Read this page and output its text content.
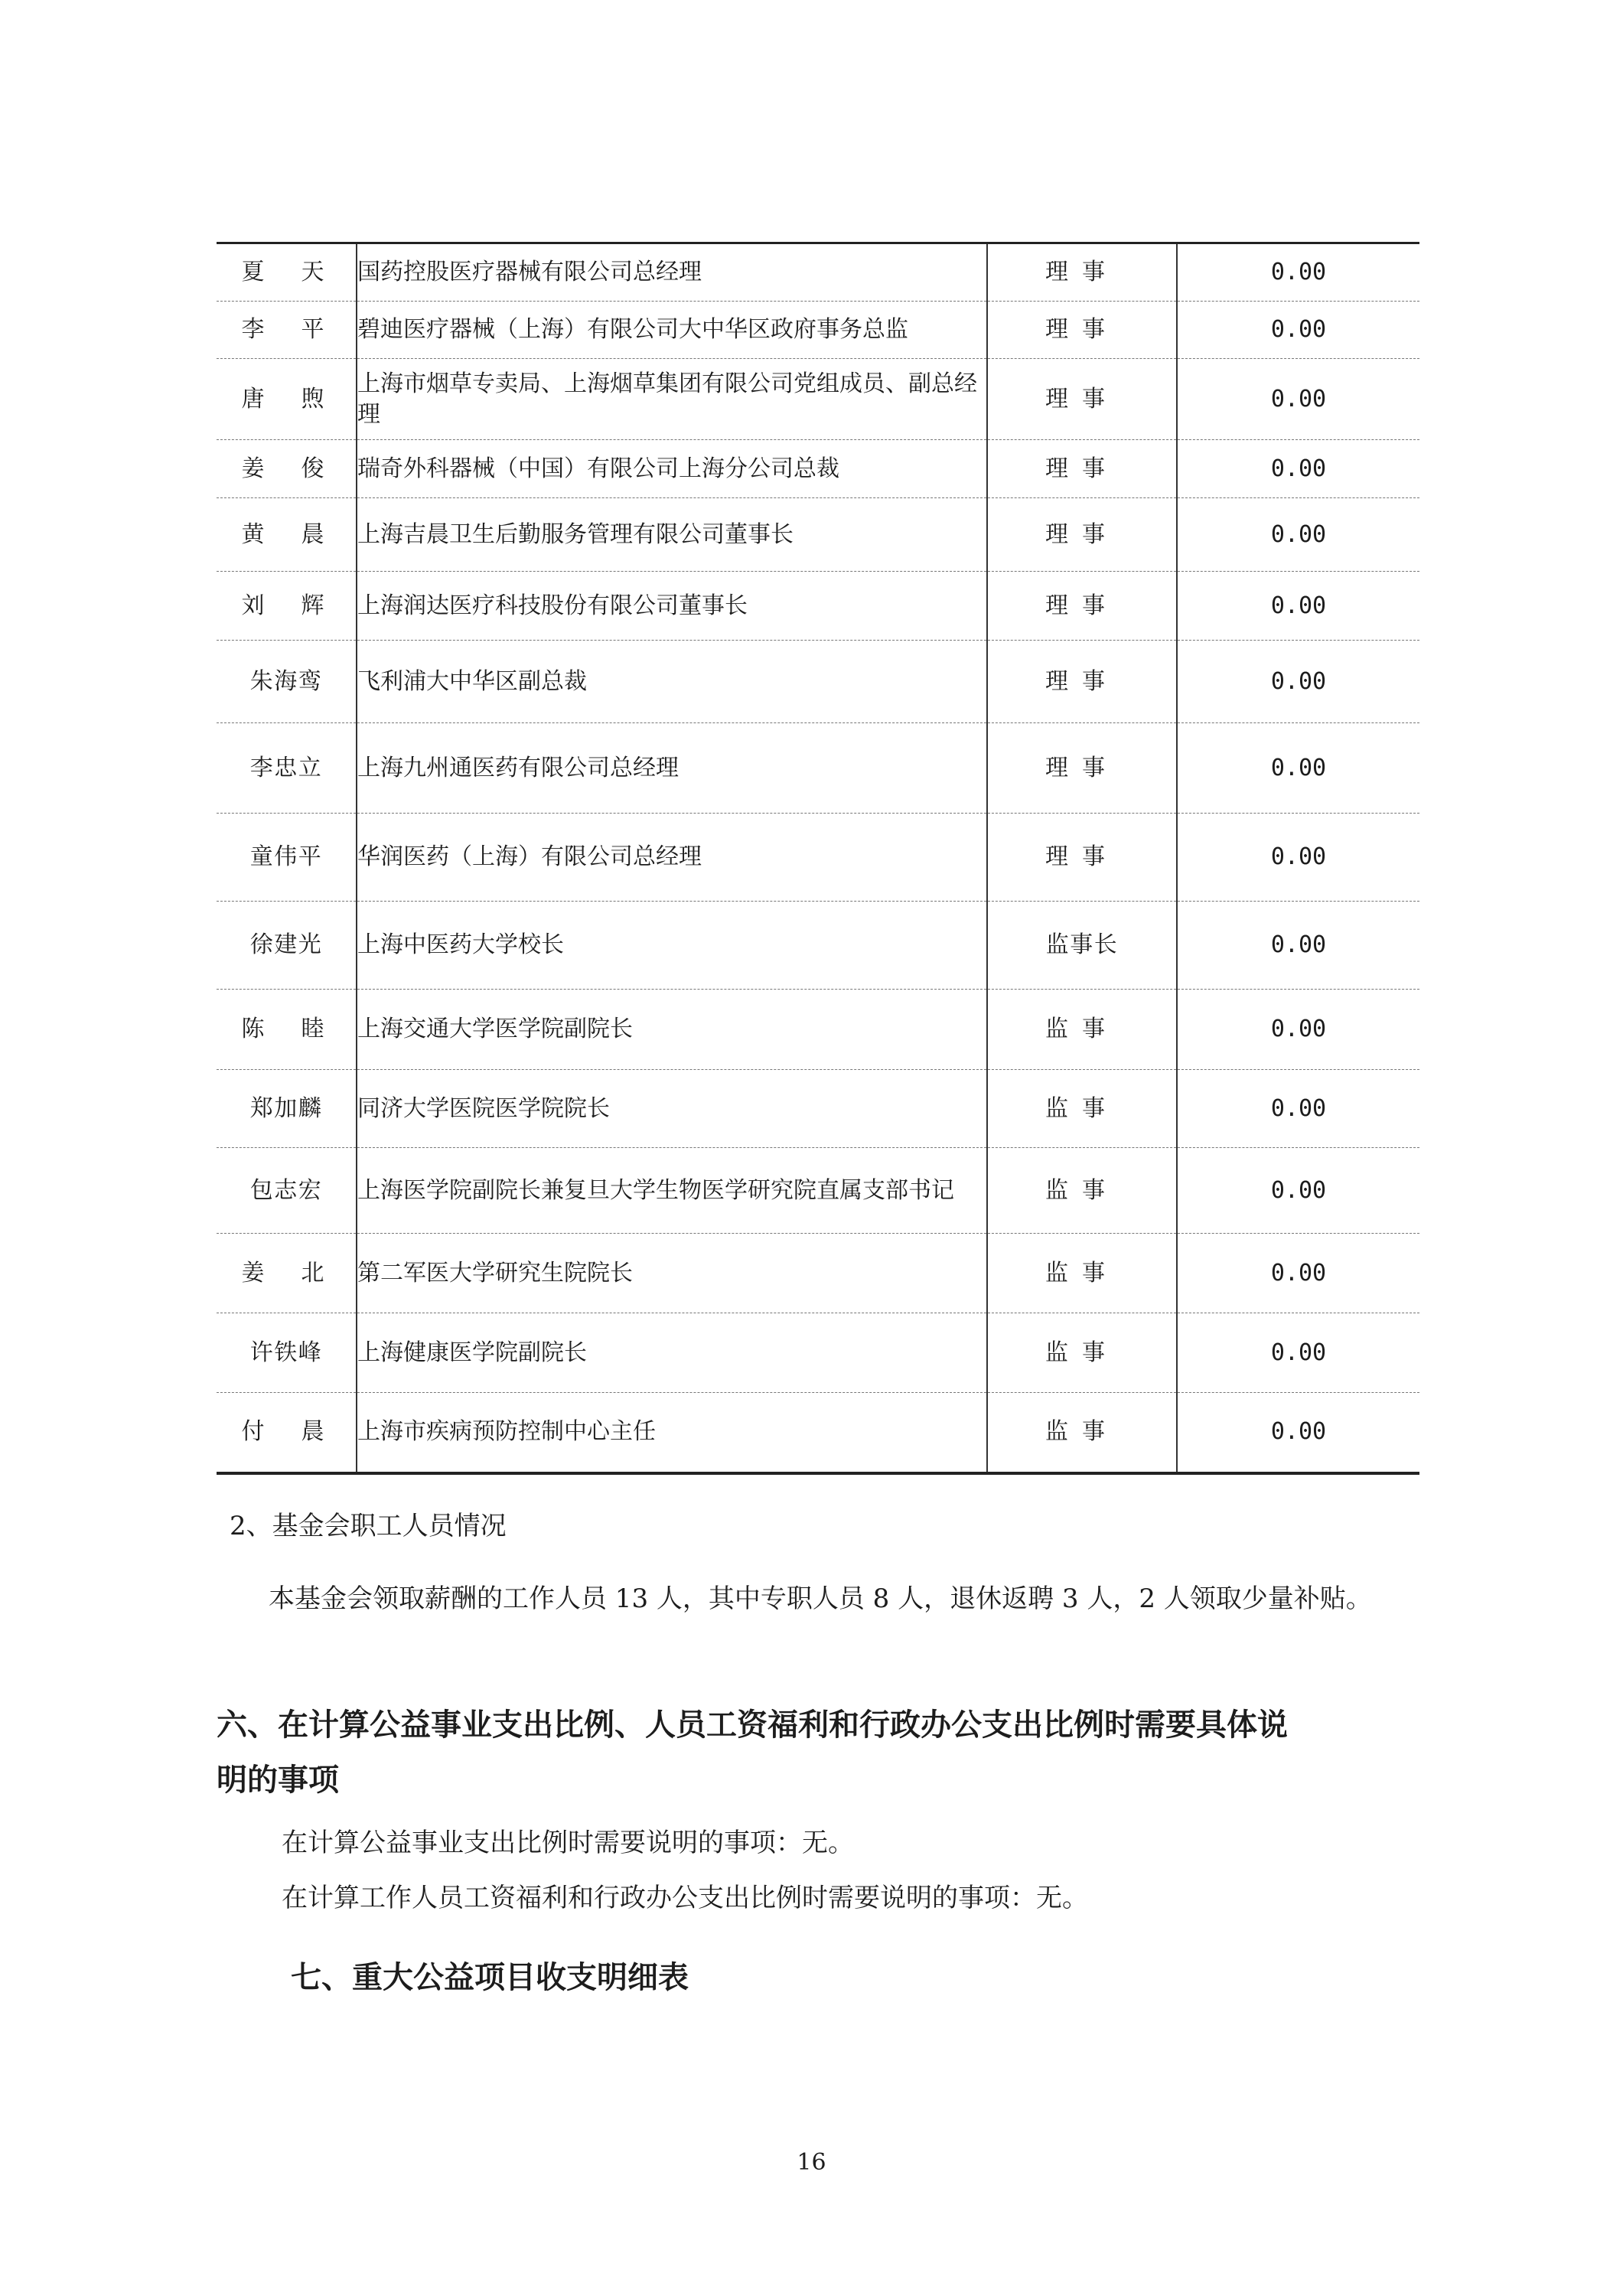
夏　天	国药控股医疗器械有限公司总经理	理事	0.00
李　平	碧迪医疗器械（上海）有限公司大中华区政府事务总监	理事	0.00
唐　煦	上海市烟草专卖局、上海烟草集团有限公司党组成员、副总经理	理事	0.00
姜　俊	瑞奇外科器械（中国）有限公司上海分公司总裁	理事	0.00
黄　晨	上海吉晨卫生后勤服务管理有限公司董事长	理事	0.00
刘　辉	上海润达医疗科技股份有限公司董事长	理事	0.00
朱海鸾	飞利浦大中华区副总裁	理事	0.00
李忠立	上海九州通医药有限公司总经理	理事	0.00
童伟平	华润医药（上海）有限公司总经理	理事	0.00
徐建光	上海中医药大学校长	监事长	0.00
陈　睦	上海交通大学医学院副院长	监事	0.00
郑加麟	同济大学医院医学院院长	监事	0.00
包志宏	上海医学院副院长兼复旦大学生物医学研究院直属支部书记	监事	0.00
姜　北	第二军医大学研究生院院长	监事	0.00
许铁峰	上海健康医学院副院长	监事	0.00
付　晨	上海市疾病预防控制中心主任	监事	0.00
2、基金会职工人员情况
本基金会领取薪酬的工作人员 13 人，其中专职人员 8 人，退休返聘 3 人，2 人领取少量补贴。
六、在计算公益事业支出比例、人员工资福利和行政办公支出比例时需要具体说
明的事项
在计算公益事业支出比例时需要说明的事项：无。
在计算工作人员工资福利和行政办公支出比例时需要说明的事项：无。
七、重大公益项目收支明细表
16
